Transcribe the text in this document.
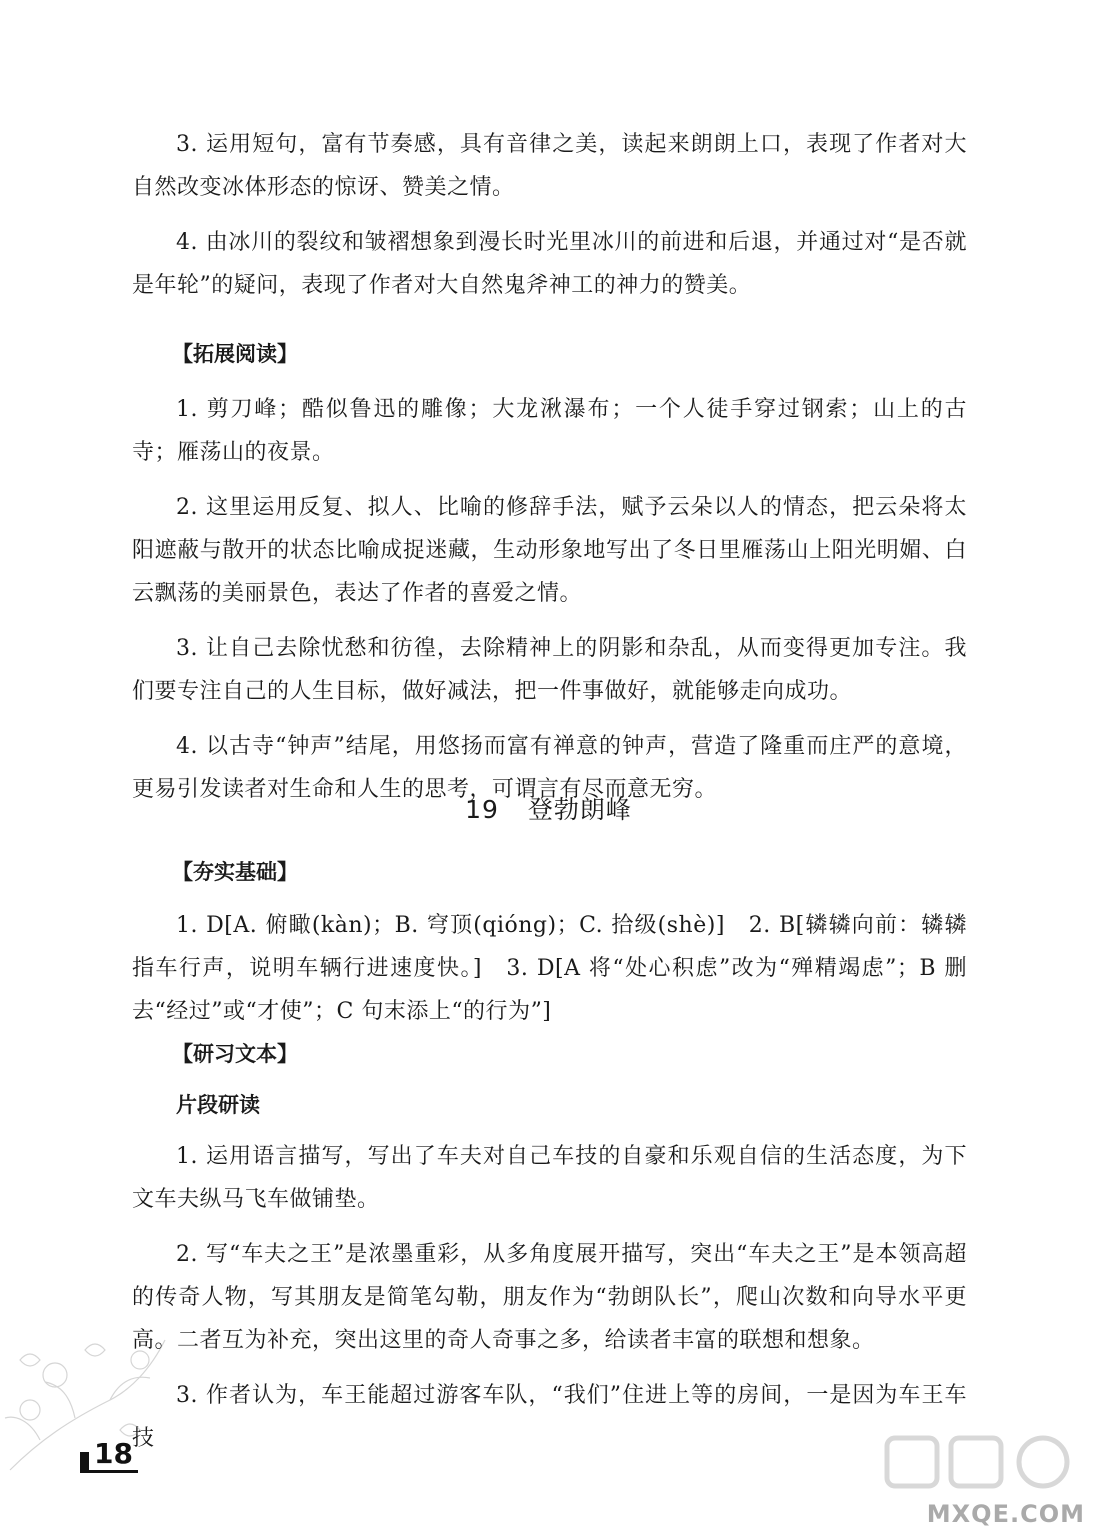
3. 运用短句，富有节奏感，具有音律之美，读起来朗朗上口，表现了作者对大自然改变冰体形态的惊讶、赞美之情。

4. 由冰川的裂纹和皱褶想象到漫长时光里冰川的前进和后退，并通过对“是否就是年轮”的疑问，表现了作者对大自然鬼斧神工的神力的赞美。

【拓展阅读】

1. 剪刀峰；酷似鲁迅的雕像；大龙湫瀑布；一个人徒手穿过钢索；山上的古寺；雁荡山的夜景。

2. 这里运用反复、拟人、比喻的修辞手法，赋予云朵以人的情态，把云朵将太阳遮蔽与散开的状态比喻成捉迷藏，生动形象地写出了冬日里雁荡山上阳光明媚、白云飘荡的美丽景色，表达了作者的喜爱之情。

3. 让自己去除忧愁和彷徨，去除精神上的阴影和杂乱，从而变得更加专注。我们要专注自己的人生目标，做好减法，把一件事做好，就能够走向成功。

4. 以古寺“钟声”结尾，用悠扬而富有禅意的钟声，营造了隆重而庄严的意境，更易引发读者对生命和人生的思考，可谓言有尽而意无穷。

19 登勃朗峰

【夯实基础】

1. D[A. 俯瞰(kàn)；B. 穹顶(qióng)；C. 拾级(shè)]　2. B[辚辚向前：辚辚指车行声，说明车辆行进速度快。]　3. D[A 将“处心积虑”改为“殚精竭虑”；B 删去“经过”或“才使”；C 句末添上“的行为”]

【研习文本】

片段研读

1. 运用语言描写，写出了车夫对自己车技的自豪和乐观自信的生活态度，为下文车夫纵马飞车做铺垫。

2. 写“车夫之王”是浓墨重彩，从多角度展开描写，突出“车夫之王”是本领高超的传奇人物，写其朋友是简笔勾勒，朋友作为“勃朗队长”，爬山次数和向导水平更高。二者互为补充，突出这里的奇人奇事之多，给读者丰富的联想和想象。

3. 作者认为，车王能超过游客车队，“我们”住进上等的房间，一是因为车王车技

18
MXQE.COM
